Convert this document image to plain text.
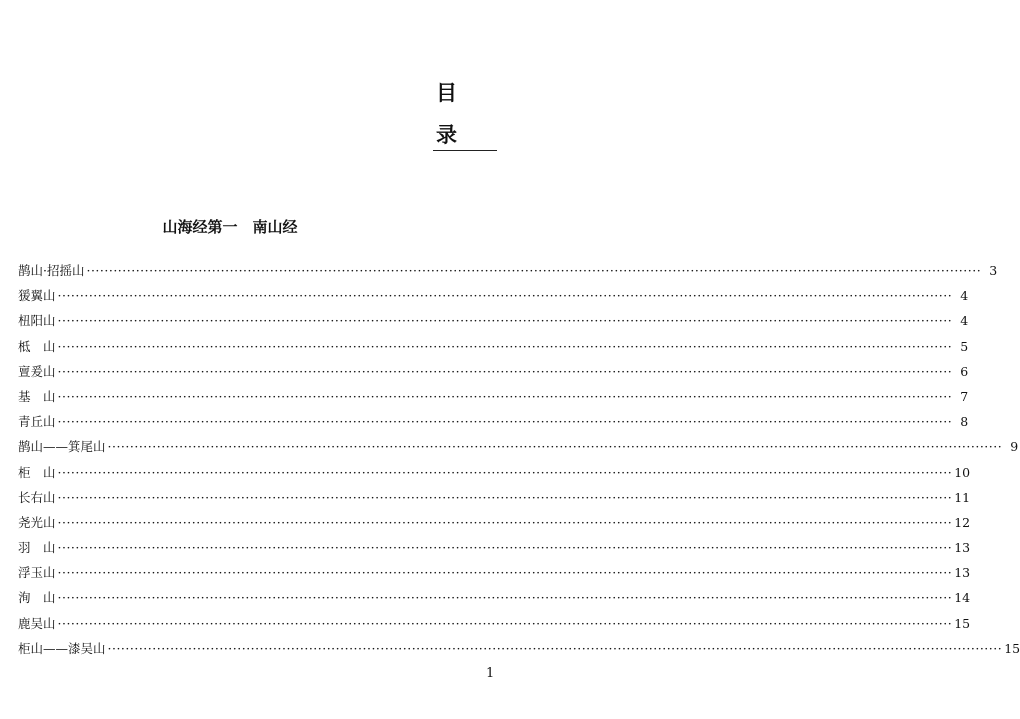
目
录
山海经第一　南山经
鹊山·招摇山 ········································································································································································································ 3
猨翼山 ········································································································································································································ 4
杻阳山 ········································································································································································································ 4
柢　山 ········································································································································································································ 5
亶爰山 ········································································································································································································ 6
基　山 ········································································································································································································ 7
青丘山 ········································································································································································································ 8
鹊山——箕尾山 ········································································································································································································ 9
柜　山 ········································································································································································································ 10
长右山 ········································································································································································································ 11
尧光山 ········································································································································································································ 12
羽　山 ········································································································································································································ 13
浮玉山 ········································································································································································································ 13
洵　山 ········································································································································································································ 14
鹿吴山 ········································································································································································································ 15
柜山——漆吴山 ········································································································································································································ 15
1
